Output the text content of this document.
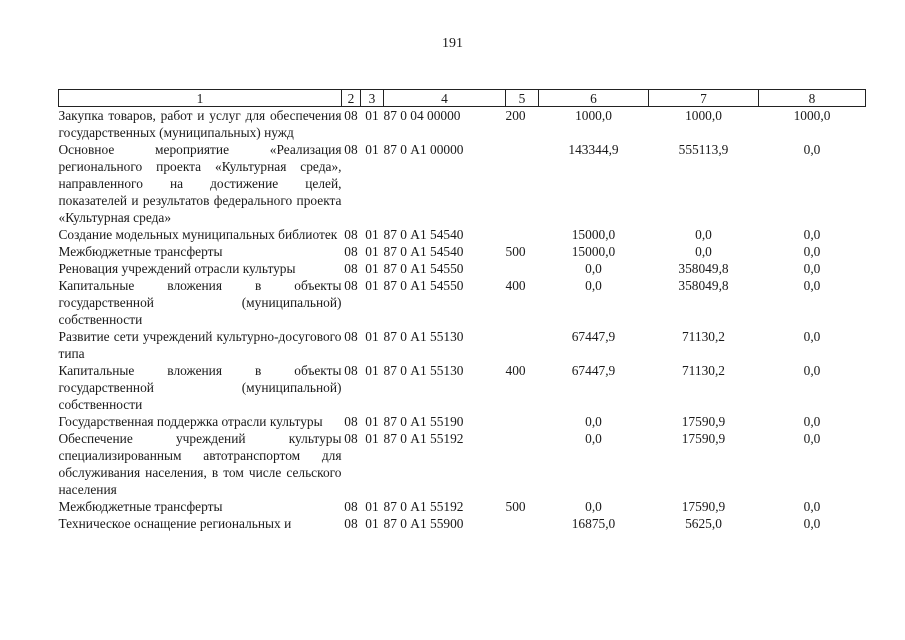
191
1	2	3	4	5	6	7	8
Закупка товаров, работ и услуг для обеспечения государственных (муниципальных) нужд	08	01	87 0 04 00000	200	1000,0	1000,0	1000,0
Основное мероприятие «Реализация регионального проекта «Культурная среда», направленного на достижение целей, показателей и результатов федерального проекта «Культурная среда»	08	01	87 0 А1 00000		143344,9	555113,9	0,0
Создание модельных муниципальных библиотек	08	01	87 0 А1 54540		15000,0	0,0	0,0
Межбюджетные трансферты	08	01	87 0 А1 54540	500	15000,0	0,0	0,0
Реновация учреждений отрасли культуры	08	01	87 0 А1 54550		0,0	358049,8	0,0
Капитальные вложения в объекты государственной (муниципальной) собственности	08	01	87 0 А1 54550	400	0,0	358049,8	0,0
Развитие сети учреждений культурно-досугового типа	08	01	87 0 А1 55130		67447,9	71130,2	0,0
Капитальные вложения в объекты государственной (муниципальной) собственности	08	01	87 0 А1 55130	400	67447,9	71130,2	0,0
Государственная поддержка отрасли культуры	08	01	87 0 А1 55190		0,0	17590,9	0,0
Обеспечение учреждений культуры специализированным автотранспортом для обслуживания населения, в том числе сельского населения	08	01	87 0 А1 55192		0,0	17590,9	0,0
Межбюджетные трансферты	08	01	87 0 А1 55192	500	0,0	17590,9	0,0
Техническое оснащение региональных и	08	01	87 0 А1 55900		16875,0	5625,0	0,0
